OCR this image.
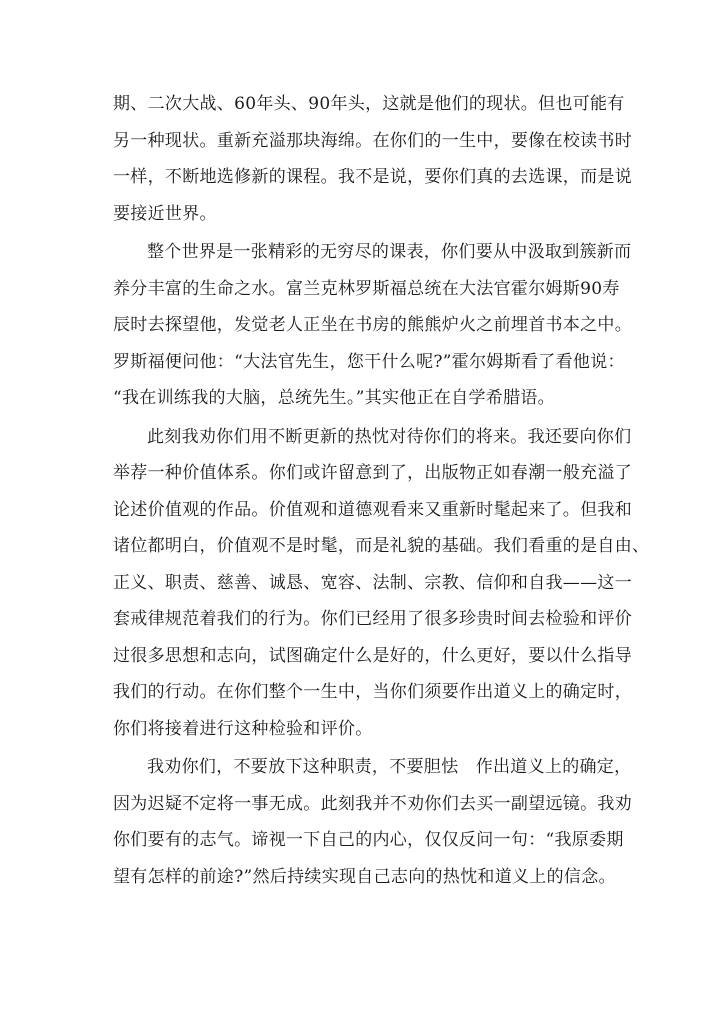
期、二次大战、60年头、90年头，这就是他们的现状。但也可能有
另一种现状。重新充溢那块海绵。在你们的一生中，要像在校读书时
一样，不断地选修新的课程。我不是说，要你们真的去选课，而是说
要接近世界。

整个世界是一张精彩的无穷尽的课表，你们要从中汲取到簇新而
养分丰富的生命之水。富兰克林罗斯福总统在大法官霍尔姆斯90寿
辰时去探望他，发觉老人正坐在书房的熊熊炉火之前埋首书本之中。
罗斯福便问他：“大法官先生，您干什么呢?”霍尔姆斯看了看他说：
“我在训练我的大脑，总统先生。”其实他正在自学希腊语。

此刻我劝你们用不断更新的热忱对待你们的将来。我还要向你们
举荐一种价值体系。你们或许留意到了，出版物正如春潮一般充溢了
论述价值观的作品。价值观和道德观看来又重新时髦起来了。但我和
诸位都明白，价值观不是时髦，而是礼貌的基础。我们看重的是自由、
正义、职责、慈善、诚恳、宽容、法制、宗教、信仰和自我——这一
套戒律规范着我们的行为。你们已经用了很多珍贵时间去检验和评价
过很多思想和志向，试图确定什么是好的，什么更好，要以什么指导
我们的行动。在你们整个一生中，当你们须要作出道义上的确定时，
你们将接着进行这种检验和评价。

我劝你们，不要放下这种职责，不要胆怯　作出道义上的确定，
因为迟疑不定将一事无成。此刻我并不劝你们去买一副望远镜。我劝
你们要有的志气。谛视一下自己的内心，仅仅反问一句：“我原委期
望有怎样的前途?”然后持续实现自己志向的热忱和道义上的信念。
